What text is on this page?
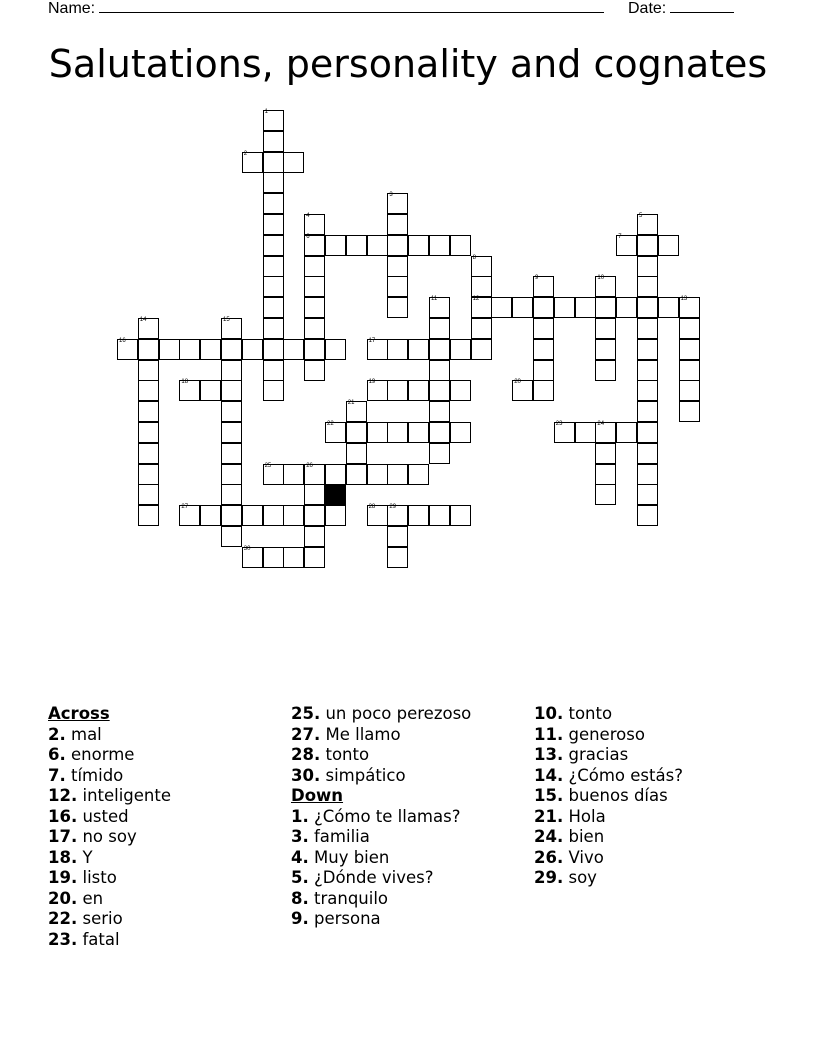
Name:	Date:
Salutations, personality and cognates
1
2
3
4
6
5
7
8
12
9	10
11	13
14	15
16	17
18	19	20
21
22	23	24
25	26
27	28 29
30
Across
2. mal
6. enorme
7. tímido
12. inteligente
16. usted
17. no soy
18. Y
19. listo
20. en
22. serio
23. fatal
25. un poco perezoso
27. Me llamo
28. tonto
30. simpático
Down
1. ¿Cómo te llamas?
3. familia
4. Muy bien
5. ¿Dónde vives?
8. tranquilo
9. persona
10. tonto
11. generoso
13. gracias
14. ¿Cómo estás?
15. buenos días
21. Hola
24. bien
26. Vivo
29. soy
